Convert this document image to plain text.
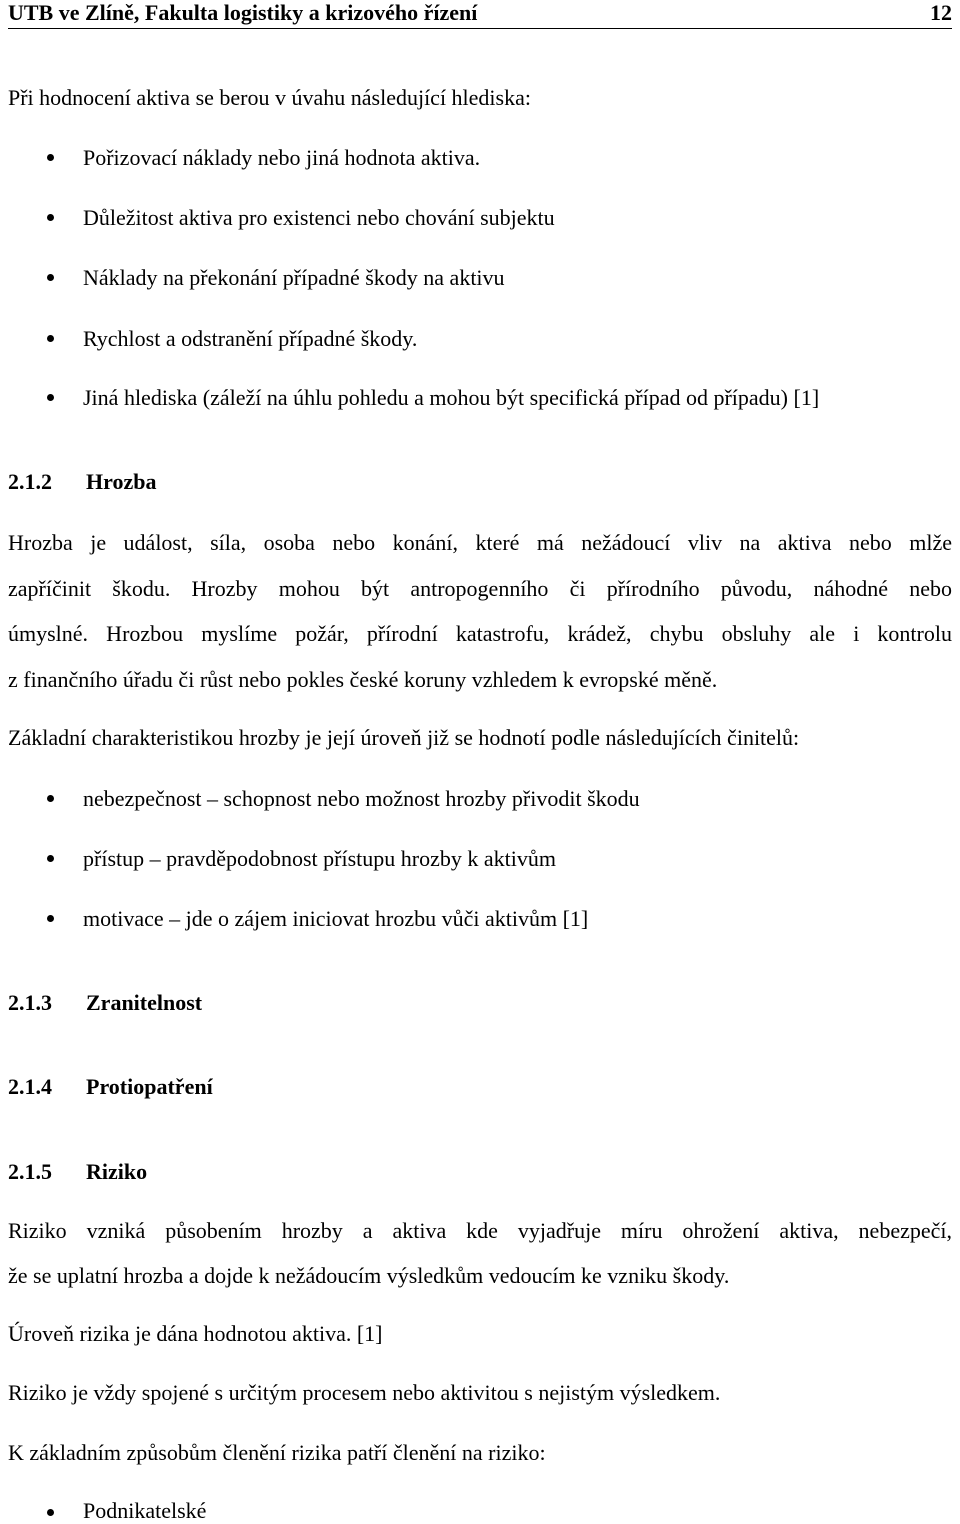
UTB ve Zlíně, Fakulta logistiky a krizového řízení	12
Při hodnocení aktiva se berou v úvahu následující hlediska:
Pořizovací náklady nebo jiná hodnota aktiva.
Důležitost aktiva pro existenci nebo chování subjektu
Náklady na překonání případné škody na aktivu
Rychlost a odstranění případné škody.
Jiná hlediska (záleží na úhlu pohledu a mohou být specifická případ od případu) [1]
2.1.2 Hrozba
Hrozba je událost, síla, osoba nebo konání, které má nežádoucí vliv na aktiva nebo mlže
zapříčinit škodu. Hrozby mohou být antropogenního či přírodního původu, náhodné nebo
úmyslné. Hrozbou myslíme požár, přírodní katastrofu, krádež, chybu obsluhy ale i kontrolu
z finančního úřadu či růst nebo pokles české koruny vzhledem k evropské měně.
Základní charakteristikou hrozby je její úroveň již se hodnotí podle následujících činitelů:
nebezpečnost – schopnost nebo možnost hrozby přivodit škodu
přístup – pravděpodobnost přístupu hrozby k aktivům
motivace – jde o zájem iniciovat hrozbu vůči aktivům [1]
2.1.3 Zranitelnost
2.1.4 Protiopatření
2.1.5 Riziko
Riziko vzniká působením hrozby a aktiva kde vyjadřuje míru ohrožení aktiva, nebezpečí,
že se uplatní hrozba a dojde k nežádoucím výsledkům vedoucím ke vzniku škody.
Úroveň rizika je dána hodnotou aktiva. [1]
Riziko je vždy spojené s určitým procesem nebo aktivitou s nejistým výsledkem.
K základním způsobům členění rizika patří členění na riziko:
Podnikatelské
